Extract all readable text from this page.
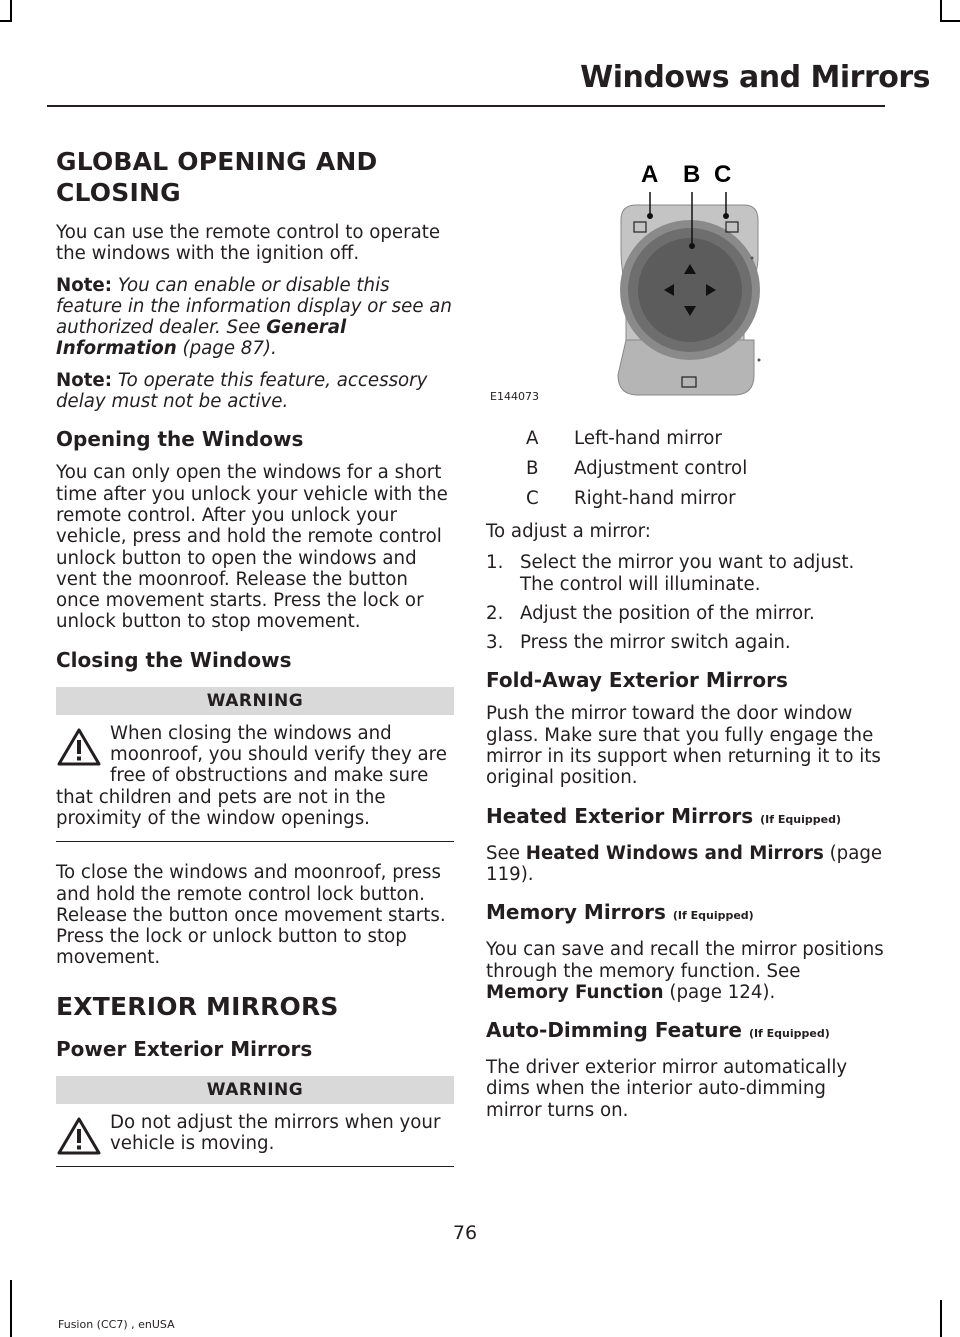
Windows and Mirrors
GLOBAL OPENING AND CLOSING

You can use the remote control to operate the windows with the ignition off.

Note: You can enable or disable this feature in the information display or see an authorized dealer. See General Information (page 87).

Note: To operate this feature, accessory delay must not be active.

Opening the Windows

You can only open the windows for a short time after you unlock your vehicle with the remote control. After you unlock your vehicle, press and hold the remote control unlock button to open the windows and vent the moonroof. Release the button once movement starts. Press the lock or unlock button to stop movement.

Closing the Windows
WARNING
When closing the windows and moonroof, you should verify they are free of obstructions and make sure that children and pets are not in the proximity of the window openings.

To close the windows and moonroof, press and hold the remote control lock button. Release the button once movement starts. Press the lock or unlock button to stop movement.

EXTERIOR MIRRORS
Power Exterior Mirrors
WARNING
Do not adjust the mirrors when your vehicle is moving.
A B C
E144073
A	Left-hand mirror
B	Adjustment control
C	Right-hand mirror

To adjust a mirror:

1. Select the mirror you want to adjust. The control will illuminate.
2. Adjust the position of the mirror.
3. Press the mirror switch again.
Fold-Away Exterior Mirrors

Push the mirror toward the door window glass. Make sure that you fully engage the mirror in its support when returning it to its original position.

Heated Exterior Mirrors (If Equipped)

See Heated Windows and Mirrors (page 119).

Memory Mirrors (If Equipped)

You can save and recall the mirror positions through the memory function. See Memory Function (page 124).

Auto-Dimming Feature (If Equipped)

The driver exterior mirror automatically dims when the interior auto-dimming mirror turns on.

76
Fusion (CC7) , enUSA
